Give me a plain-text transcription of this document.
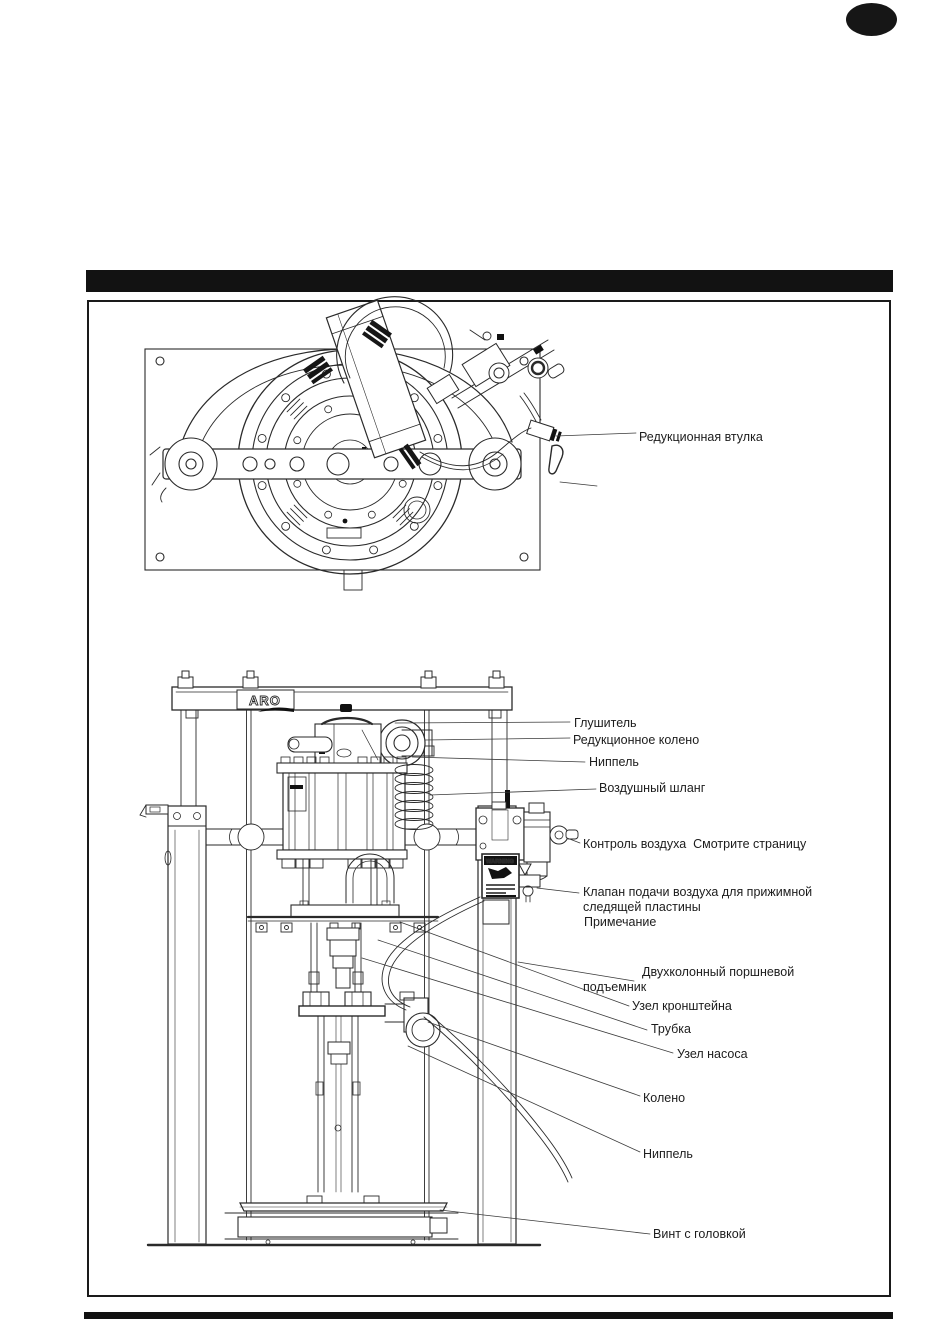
ARO
WARNING
Редукционная втулка
Глушитель
Редукционное колено
Ниппель
Воздушный шланг
Контроль воздуха  Смотрите страницу
Клапан подачи воздуха для прижимной
следящей пластины
Примечание
Двухколонный поршневой
подъемник
Узел кронштейна
Трубка
Узел насоса
Колено
Ниппель
Винт с головкой
